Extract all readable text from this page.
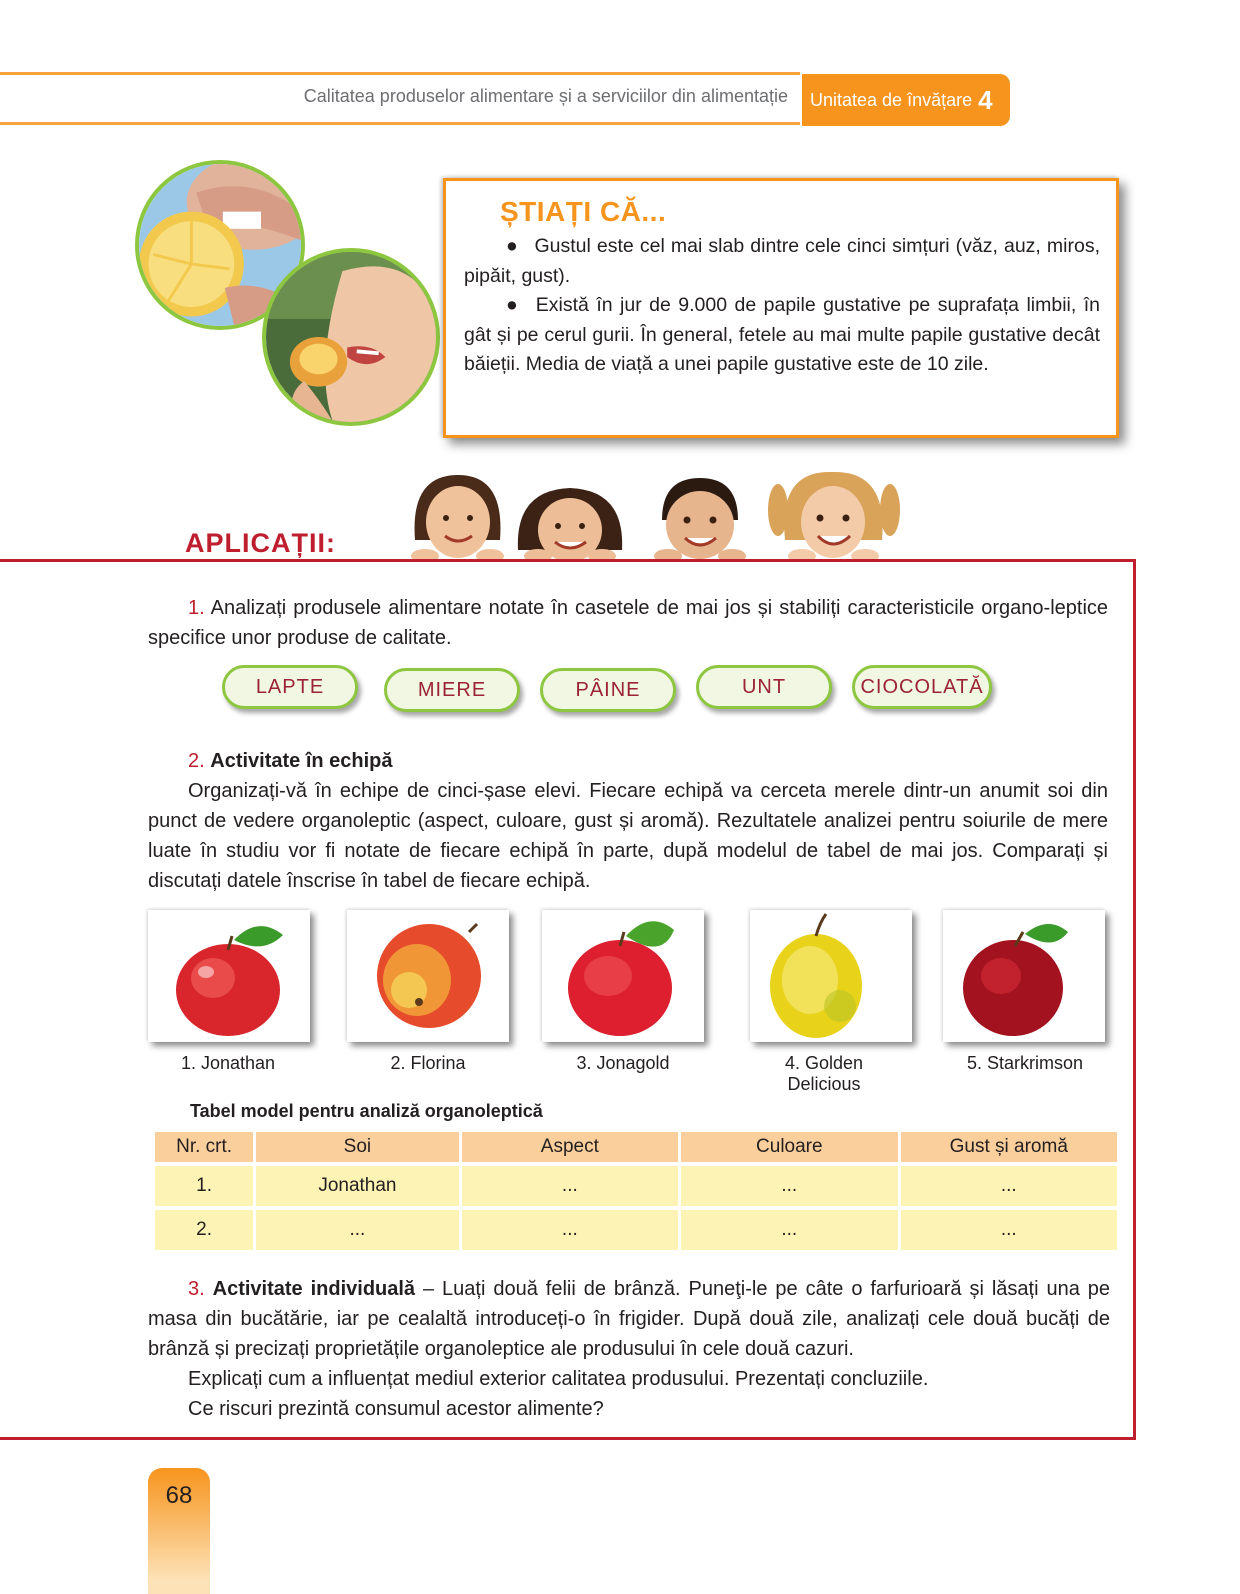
Calitatea produselor alimentare și a serviciilor din alimentație Unitatea de învățare 4
ȘTIAȚI CĂ...

● Gustul este cel mai slab dintre cele cinci simțuri (văz, auz, miros, pipăit, gust).

● Există în jur de 9.000 de papile gustative pe suprafața limbii, în gât și pe cerul gurii. În general, fetele au mai multe papile gustative decât băieții. Media de viață a unei papile gustative este de 10 zile.

APLICAȚII:
1. Analizați produsele alimentare notate în casetele de mai jos și stabiliți caracteristicile organo-leptice specifice unor produse de calitate.
LAPTE	MIERE	PÂINE	UNT	CIOCOLATĂ
2. Activitate în echipă
Organizați-vă în echipe de cinci-șase elevi. Fiecare echipă va cerceta merele dintr-un anumit soi din punct de vedere organoleptic (aspect, culoare, gust și aromă). Rezultatele analizei pentru soiurile de mere luate în studiu vor fi notate de fiecare echipă în parte, după modelul de tabel de mai jos. Comparați și discutați datele înscrise în tabel de fiecare echipă.
1. Jonathan	2. Florina	3. Jonagold	4. Golden Delicious
5. Starkrimson
Tabel model pentru analiză organoleptică
Nr. crt.	Soi	Aspect	Culoare	Gust și aromă

1.	Jonathan	...	...	...

2.	...	...	...	...
3. Activitate individuală – Luați două felii de brânză. Puneţi-le pe câte o farfurioară și lăsați una pe masa din bucătărie, iar pe cealaltă introduceți-o în frigider. După două zile, analizați cele două bucăți de brânză și precizați proprietățile organoleptice ale produsului în cele două cazuri.
Explicați cum a influențat mediul exterior calitatea produsului. Prezentați concluziile.
Ce riscuri prezintă consumul acestor alimente?
68
